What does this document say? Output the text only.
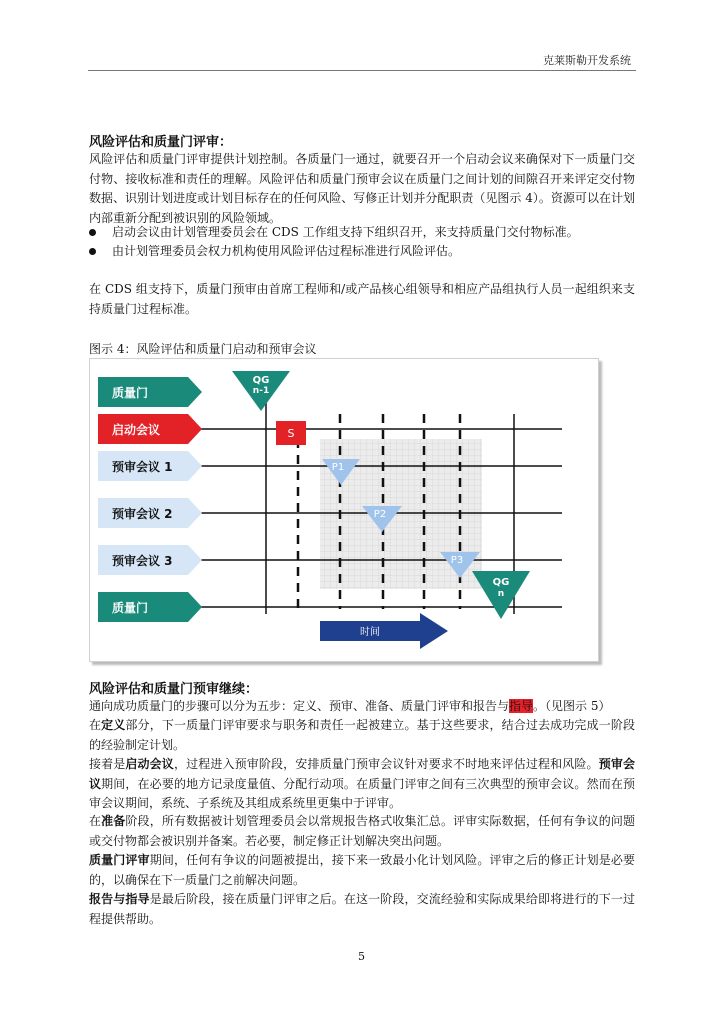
克莱斯勒开发系统
风险评估和质量门评审：
风险评估和质量门评审提供计划控制。各质量门一通过，就要召开一个启动会议来确保对下一质量门交付物、接收标准和责任的理解。风险评估和质量门预审会议在质量门之间计划的间隙召开来评定交付物数据、识别计划进度或计划目标存在的任何风险、写修正计划并分配职责（见图示 4）。资源可以在计划内部重新分配到被识别的风险领域。
启动会议由计划管理委员会在 CDS 工作组支持下组织召开，来支持质量门交付物标准。
由计划管理委员会权力机构使用风险评估过程标准进行风险评估。
在 CDS 组支持下，质量门预审由首席工程师和/或产品核心组领导和相应产品组执行人员一起组织来支持质量门过程标准。
图示 4：风险评估和质量门启动和预审会议
质量门
启动会议
预审会议 1
预审会议 2
预审会议 3
质量门
QG
n-1
S
P1
P2
P3
QG
n
时间
风险评估和质量门预审继续：
通向成功质量门的步骤可以分为五步：定义、预审、准备、质量门评审和报告与指导。（见图示 5）
在定义部分，下一质量门评审要求与职务和责任一起被建立。基于这些要求，结合过去成功完成一阶段的经验制定计划。
接着是启动会议，过程进入预审阶段，安排质量门预审会议针对要求不时地来评估过程和风险。预审会议期间，在必要的地方记录度量值、分配行动项。在质量门评审之间有三次典型的预审会议。然而在预审会议期间，系统、子系统及其组成系统里更集中于评审。
在准备阶段，所有数据被计划管理委员会以常规报告格式收集汇总。评审实际数据，任何有争议的问题或交付物都会被识别并备案。若必要，制定修正计划解决突出问题。
质量门评审期间，任何有争议的问题被提出，接下来一致最小化计划风险。评审之后的修正计划是必要的，以确保在下一质量门之前解决问题。
报告与指导是最后阶段，接在质量门评审之后。在这一阶段，交流经验和实际成果给即将进行的下一过程提供帮助。
5
